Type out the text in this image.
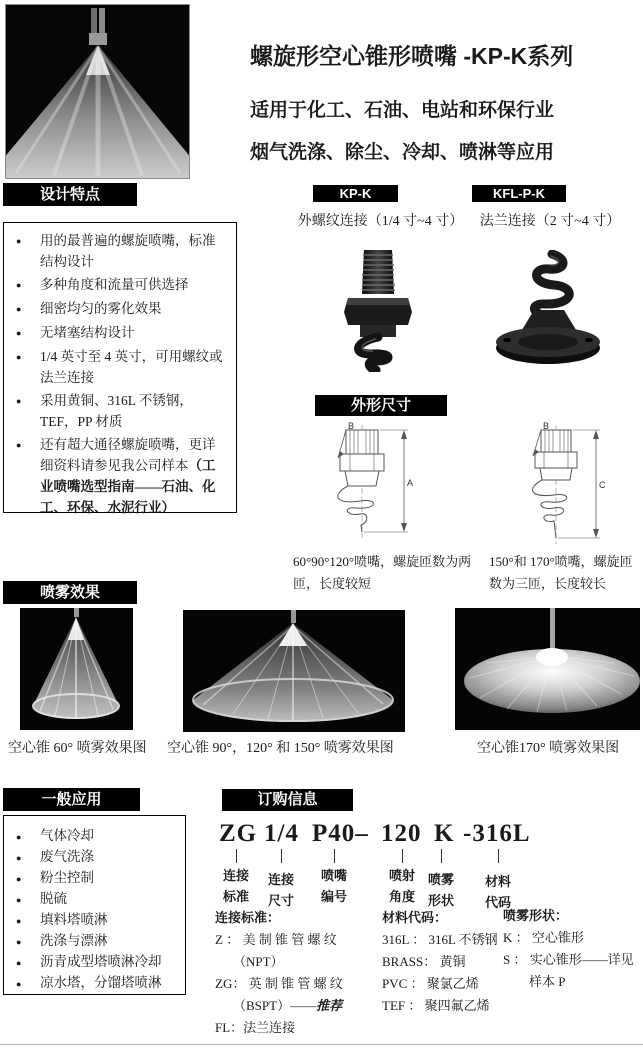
螺旋形空心锥形喷嘴 -KP-K系列
适用于化工、石油、电站和环保行业
烟气洗涤、除尘、冷却、喷淋等应用
设计特点
●	用的最普遍的螺旋喷嘴，标准结构设计
●	多种角度和流量可供选择
●	细密均匀的雾化效果
●	无堵塞结构设计
●	1/4 英寸至 4 英寸，可用螺纹或法兰连接
●	采用黄铜、316L 不锈钢，TEF，PP 材质
●	还有超大通径螺旋喷嘴，更详细资料请参见我公司样本（工业喷嘴选型指南——石油、化工、环保、水泥行业）
KP-K	KFL-P-K
外螺纹连接（1/4 寸~4 寸）	法兰连接（2 寸~4 寸）
外形尺寸
A
B
C
B
60°90°120°喷嘴，螺旋匝数为两匝，长度较短
150°和 170°喷嘴，螺旋匝数为三匝，长度较长
喷雾效果
空心锥 60° 喷雾效果图 空心锥 90°，120° 和 150° 喷雾效果图	空心锥170° 喷雾效果图
一般应用
●	气体冷却
●	废气洗涤
●	粉尘控制
●	脱硫
●	填料塔喷淋
●	洗涤与漂淋
●	沥青成型塔喷淋冷却
●	凉水塔，分馏塔喷淋
订购信息
ZG 1/4 P40– 120 K -316L
连接
标准
连接
尺寸
喷嘴
编号
喷射
角度
喷雾
形状
材料
代码
连接标准：
Z ： 美 制 锥 管 螺 纹
（NPT）
ZG： 英 制 锥 管 螺 纹
（BSPT）——推荐
FL：法兰连接
材料代码：
316L ： 316L 不锈钢
BRASS： 黄铜
PVC ： 聚氯乙烯
TEF ： 聚四氟乙烯
喷雾形状：
K ： 空心锥形
S ： 实心锥形——详见
样本 P
